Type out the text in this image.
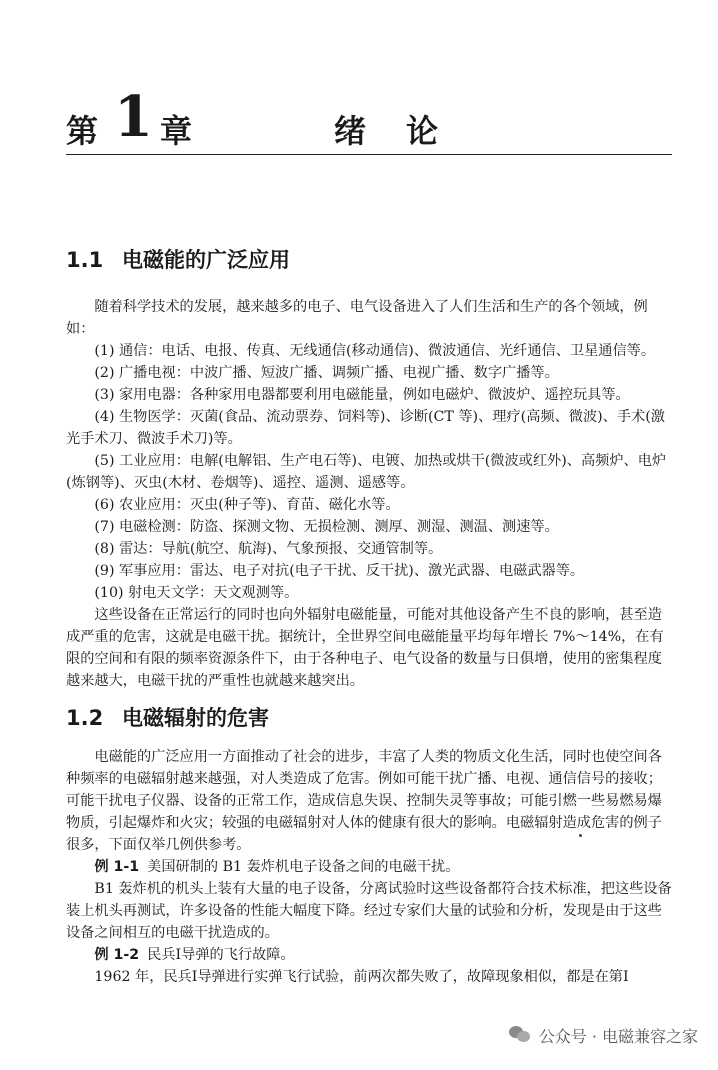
第 1 章	绪论
1.1 电磁能的广泛应用

随着科学技术的发展，越来越多的电子、电气设备进入了人们生活和生产的各个领域，例如：

(1) 通信：电话、电报、传真、无线通信(移动通信)、微波通信、光纤通信、卫星通信等。

(2) 广播电视：中波广播、短波广播、调频广播、电视广播、数字广播等。

(3) 家用电器：各种家用电器都要利用电磁能量，例如电磁炉、微波炉、遥控玩具等。

(4) 生物医学：灭菌(食品、流动票券、饲料等)、诊断(CT 等)、理疗(高频、微波)、手术(激光手术刀、微波手术刀)等。

(5) 工业应用：电解(电解铝、生产电石等)、电镀、加热或烘干(微波或红外)、高频炉、电炉(炼钢等)、灭虫(木材、卷烟等)、遥控、遥测、遥感等。

(6) 农业应用：灭虫(种子等)、育苗、磁化水等。

(7) 电磁检测：防盗、探测文物、无损检测、测厚、测湿、测温、测速等。

(8) 雷达：导航(航空、航海)、气象预报、交通管制等。

(9) 军事应用：雷达、电子对抗(电子干扰、反干扰)、激光武器、电磁武器等。

(10) 射电天文学：天文观测等。

这些设备在正常运行的同时也向外辐射电磁能量，可能对其他设备产生不良的影响，甚至造成严重的危害，这就是电磁干扰。据统计，全世界空间电磁能量平均每年增长 7%～14%，在有限的空间和有限的频率资源条件下，由于各种电子、电气设备的数量与日俱增，使用的密集程度越来越大，电磁干扰的严重性也就越来越突出。

1.2 电磁辐射的危害

电磁能的广泛应用一方面推动了社会的进步，丰富了人类的物质文化生活，同时也使空间各种频率的电磁辐射越来越强，对人类造成了危害。例如可能干扰广播、电视、通信信号的接收；可能干扰电子仪器、设备的正常工作，造成信息失误、控制失灵等事故；可能引燃一些易燃易爆物质，引起爆炸和火灾；较强的电磁辐射对人体的健康有很大的影响。电磁辐射造成危害的例子很多，下面仅举几例供参考。

例 1-1 美国研制的 B1 轰炸机电子设备之间的电磁干扰。

B1 轰炸机的机头上装有大量的电子设备，分离试验时这些设备都符合技术标准，把这些设备装上机头再测试，许多设备的性能大幅度下降。经过专家们大量的试验和分析，发现是由于这些设备之间相互的电磁干扰造成的。

例 1-2 民兵Ⅰ导弹的飞行故障。

1962 年，民兵Ⅰ导弹进行实弹飞行试验，前两次都失败了，故障现象相似，都是在第Ⅰ

公众号 · 电磁兼容之家
